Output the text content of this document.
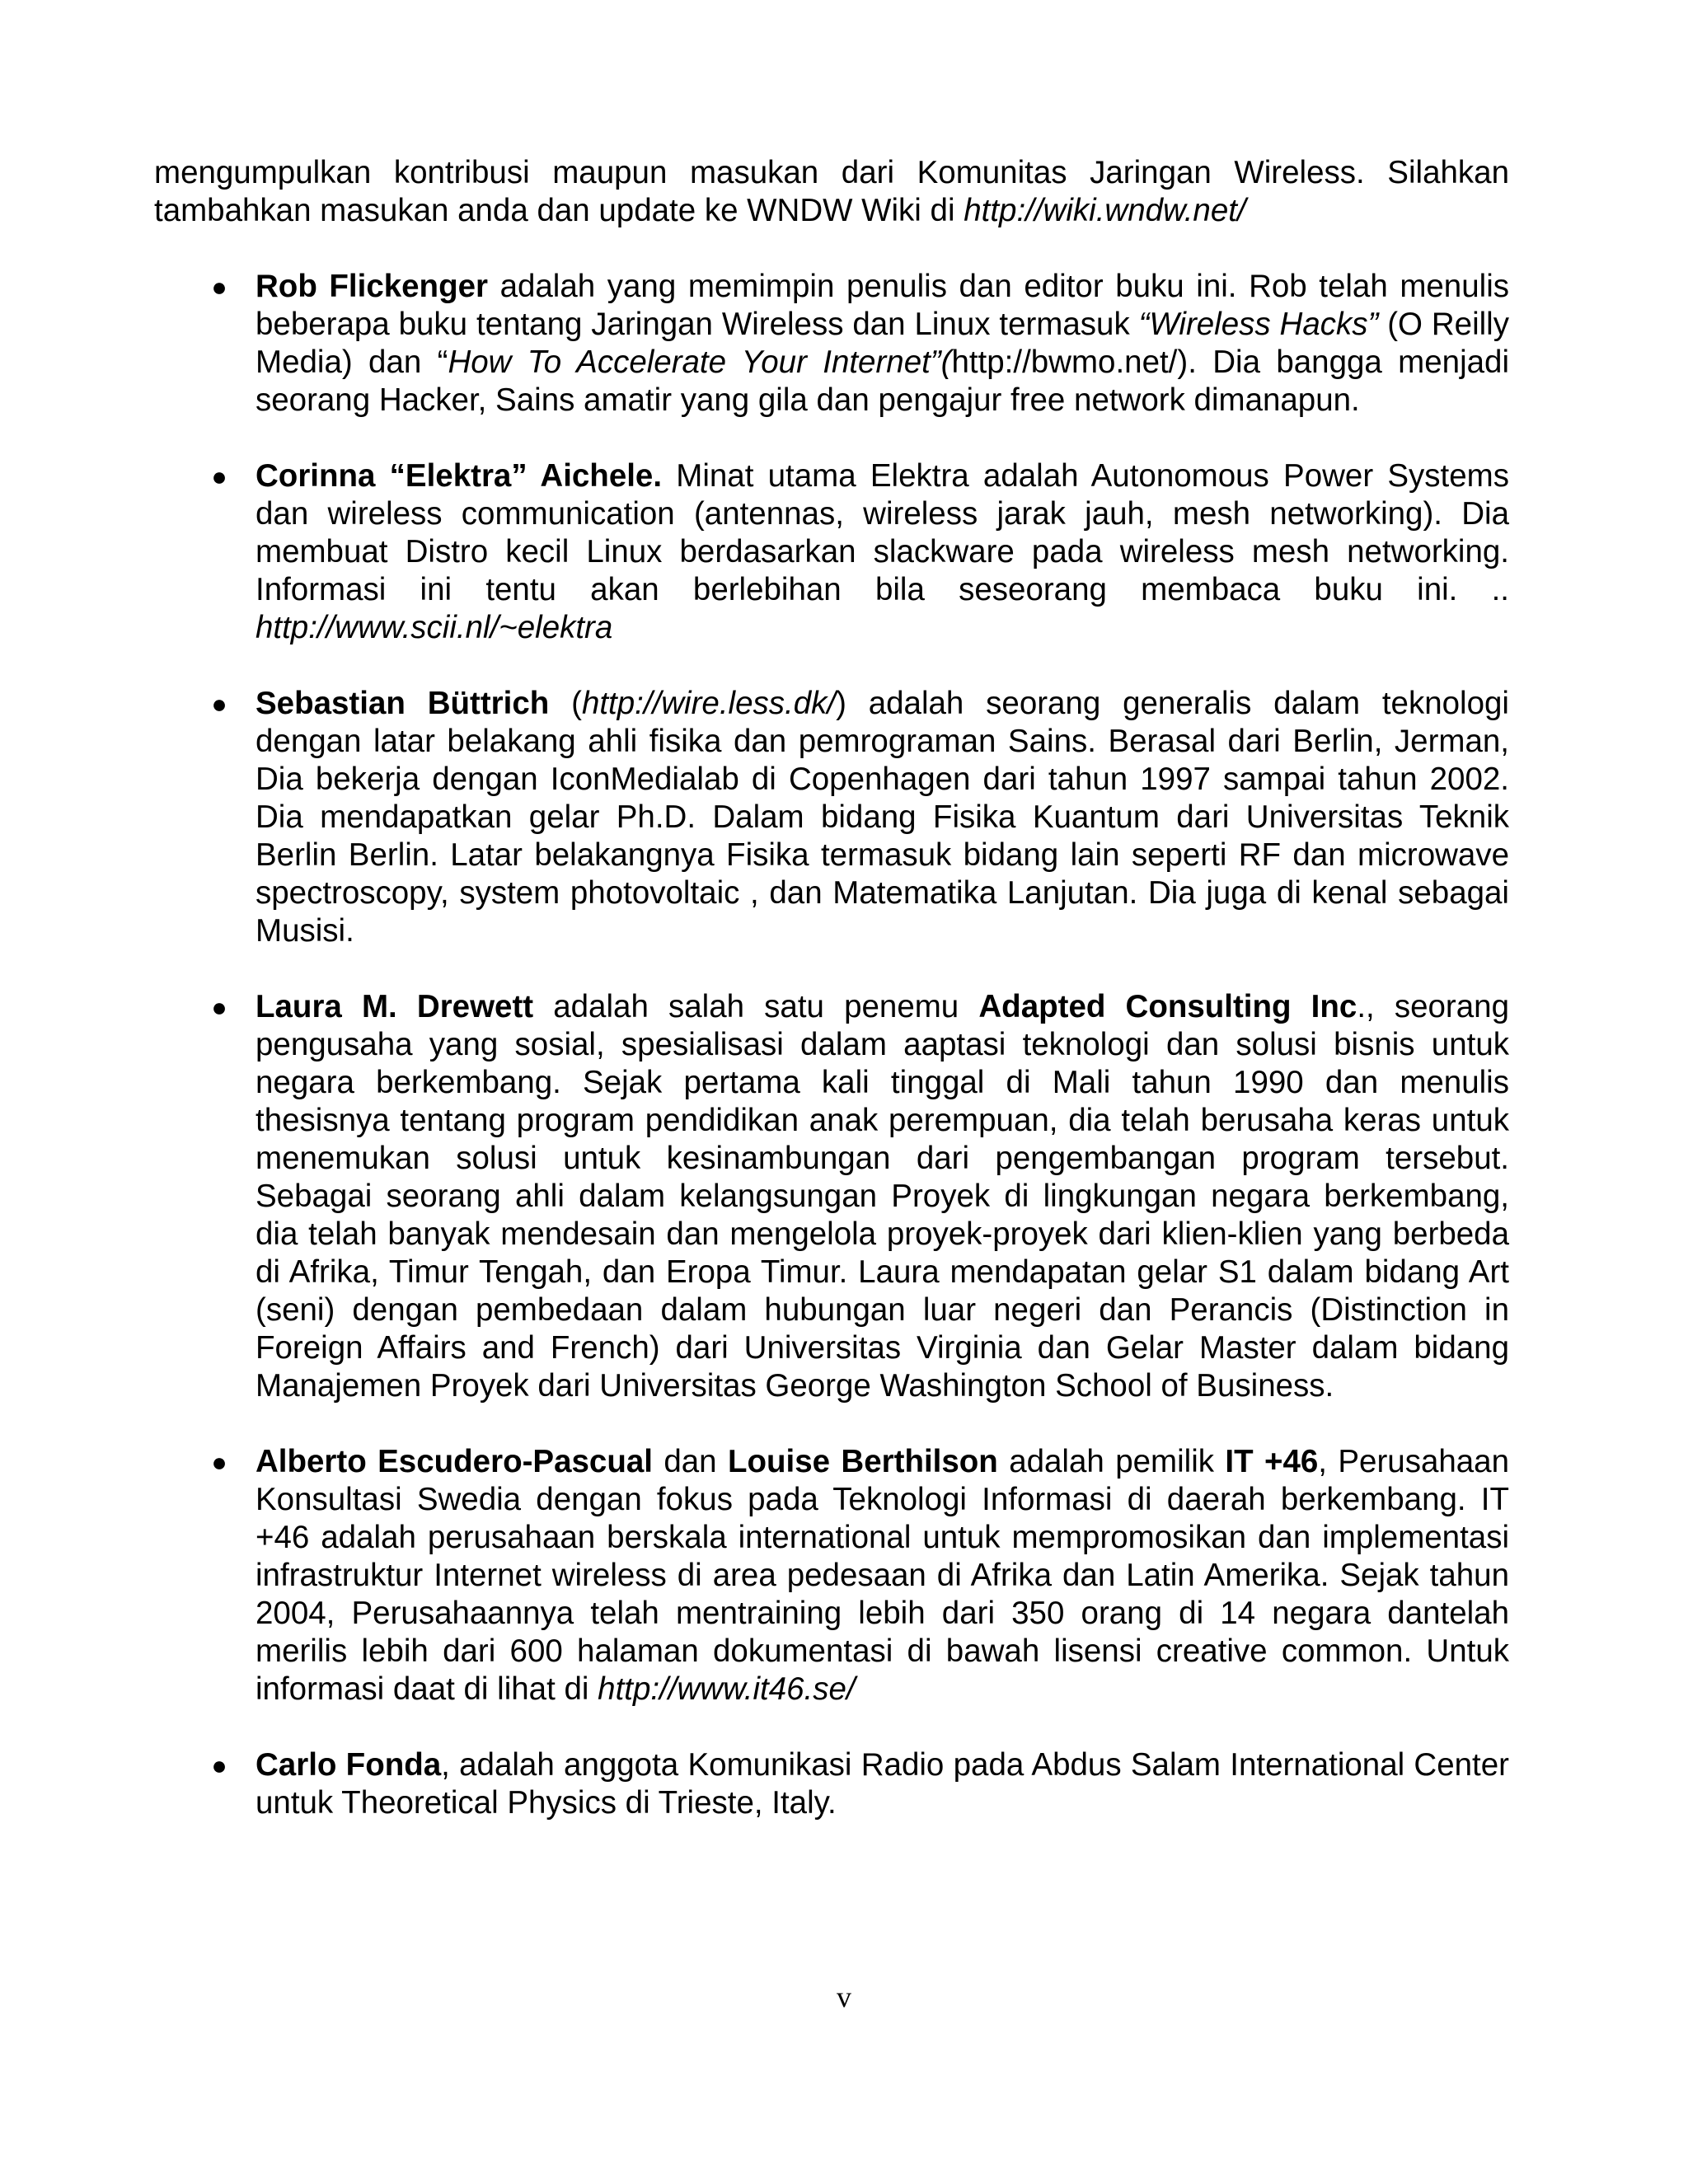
mengumpulkan kontribusi maupun masukan dari Komunitas Jaringan Wireless. Silahkan tambahkan masukan anda dan update ke WNDW Wiki di http://wiki.wndw.net/

● Rob Flickenger adalah yang memimpin penulis dan editor buku ini. Rob telah menulis beberapa buku tentang Jaringan Wireless dan Linux termasuk “Wireless Hacks” (O Reilly Media) dan “How To Accelerate Your Internet”(http://bwmo.net/). Dia bangga menjadi seorang Hacker, Sains amatir yang gila dan pengajur free network dimanapun.
● Corinna “Elektra” Aichele. Minat utama Elektra adalah Autonomous Power Systems dan wireless communication (antennas, wireless jarak jauh, mesh networking). Dia membuat Distro kecil Linux berdasarkan slackware pada wireless mesh networking. Informasi ini tentu akan berlebihan bila seseorang membaca buku ini. .. http://www.scii.nl/~elektra
● Sebastian Büttrich (http://wire.less.dk/) adalah seorang generalis dalam teknologi dengan latar belakang ahli fisika dan pemrograman Sains. Berasal dari Berlin, Jerman, Dia bekerja dengan IconMedialab di Copenhagen dari tahun 1997 sampai tahun 2002. Dia mendapatkan gelar Ph.D. Dalam bidang Fisika Kuantum dari Universitas Teknik Berlin Berlin. Latar belakangnya Fisika termasuk bidang lain seperti RF dan microwave spectroscopy, system photovoltaic , dan Matematika Lanjutan. Dia juga di kenal sebagai Musisi.
● Laura M. Drewett adalah salah satu penemu Adapted Consulting Inc., seorang pengusaha yang sosial, spesialisasi dalam aaptasi teknologi dan solusi bisnis untuk negara berkembang. Sejak pertama kali tinggal di Mali tahun 1990 dan menulis thesisnya tentang program pendidikan anak perempuan, dia telah berusaha keras untuk menemukan solusi untuk kesinambungan dari pengembangan program tersebut. Sebagai seorang ahli dalam kelangsungan Proyek di lingkungan negara berkembang, dia telah banyak mendesain dan mengelola proyek-proyek dari klien-klien yang berbeda di Afrika, Timur Tengah, dan Eropa Timur. Laura mendapatan gelar S1 dalam bidang Art (seni) dengan pembedaan dalam hubungan luar negeri dan Perancis (Distinction in Foreign Affairs and French) dari Universitas Virginia dan Gelar Master dalam bidang Manajemen Proyek dari Universitas George Washington School of Business.
● Alberto Escudero-Pascual dan Louise Berthilson adalah pemilik IT +46, Perusahaan Konsultasi Swedia dengan fokus pada Teknologi Informasi di daerah berkembang. IT +46 adalah perusahaan berskala international untuk mempromosikan dan implementasi infrastruktur Internet wireless di area pedesaan di Afrika dan Latin Amerika. Sejak tahun 2004, Perusahaannya telah mentraining lebih dari 350 orang di 14 negara dantelah merilis lebih dari 600 halaman dokumentasi di bawah lisensi creative common. Untuk informasi daat di lihat di http://www.it46.se/
● Carlo Fonda, adalah anggota Komunikasi Radio pada Abdus Salam International Center untuk Theoretical Physics di Trieste, Italy.
v
